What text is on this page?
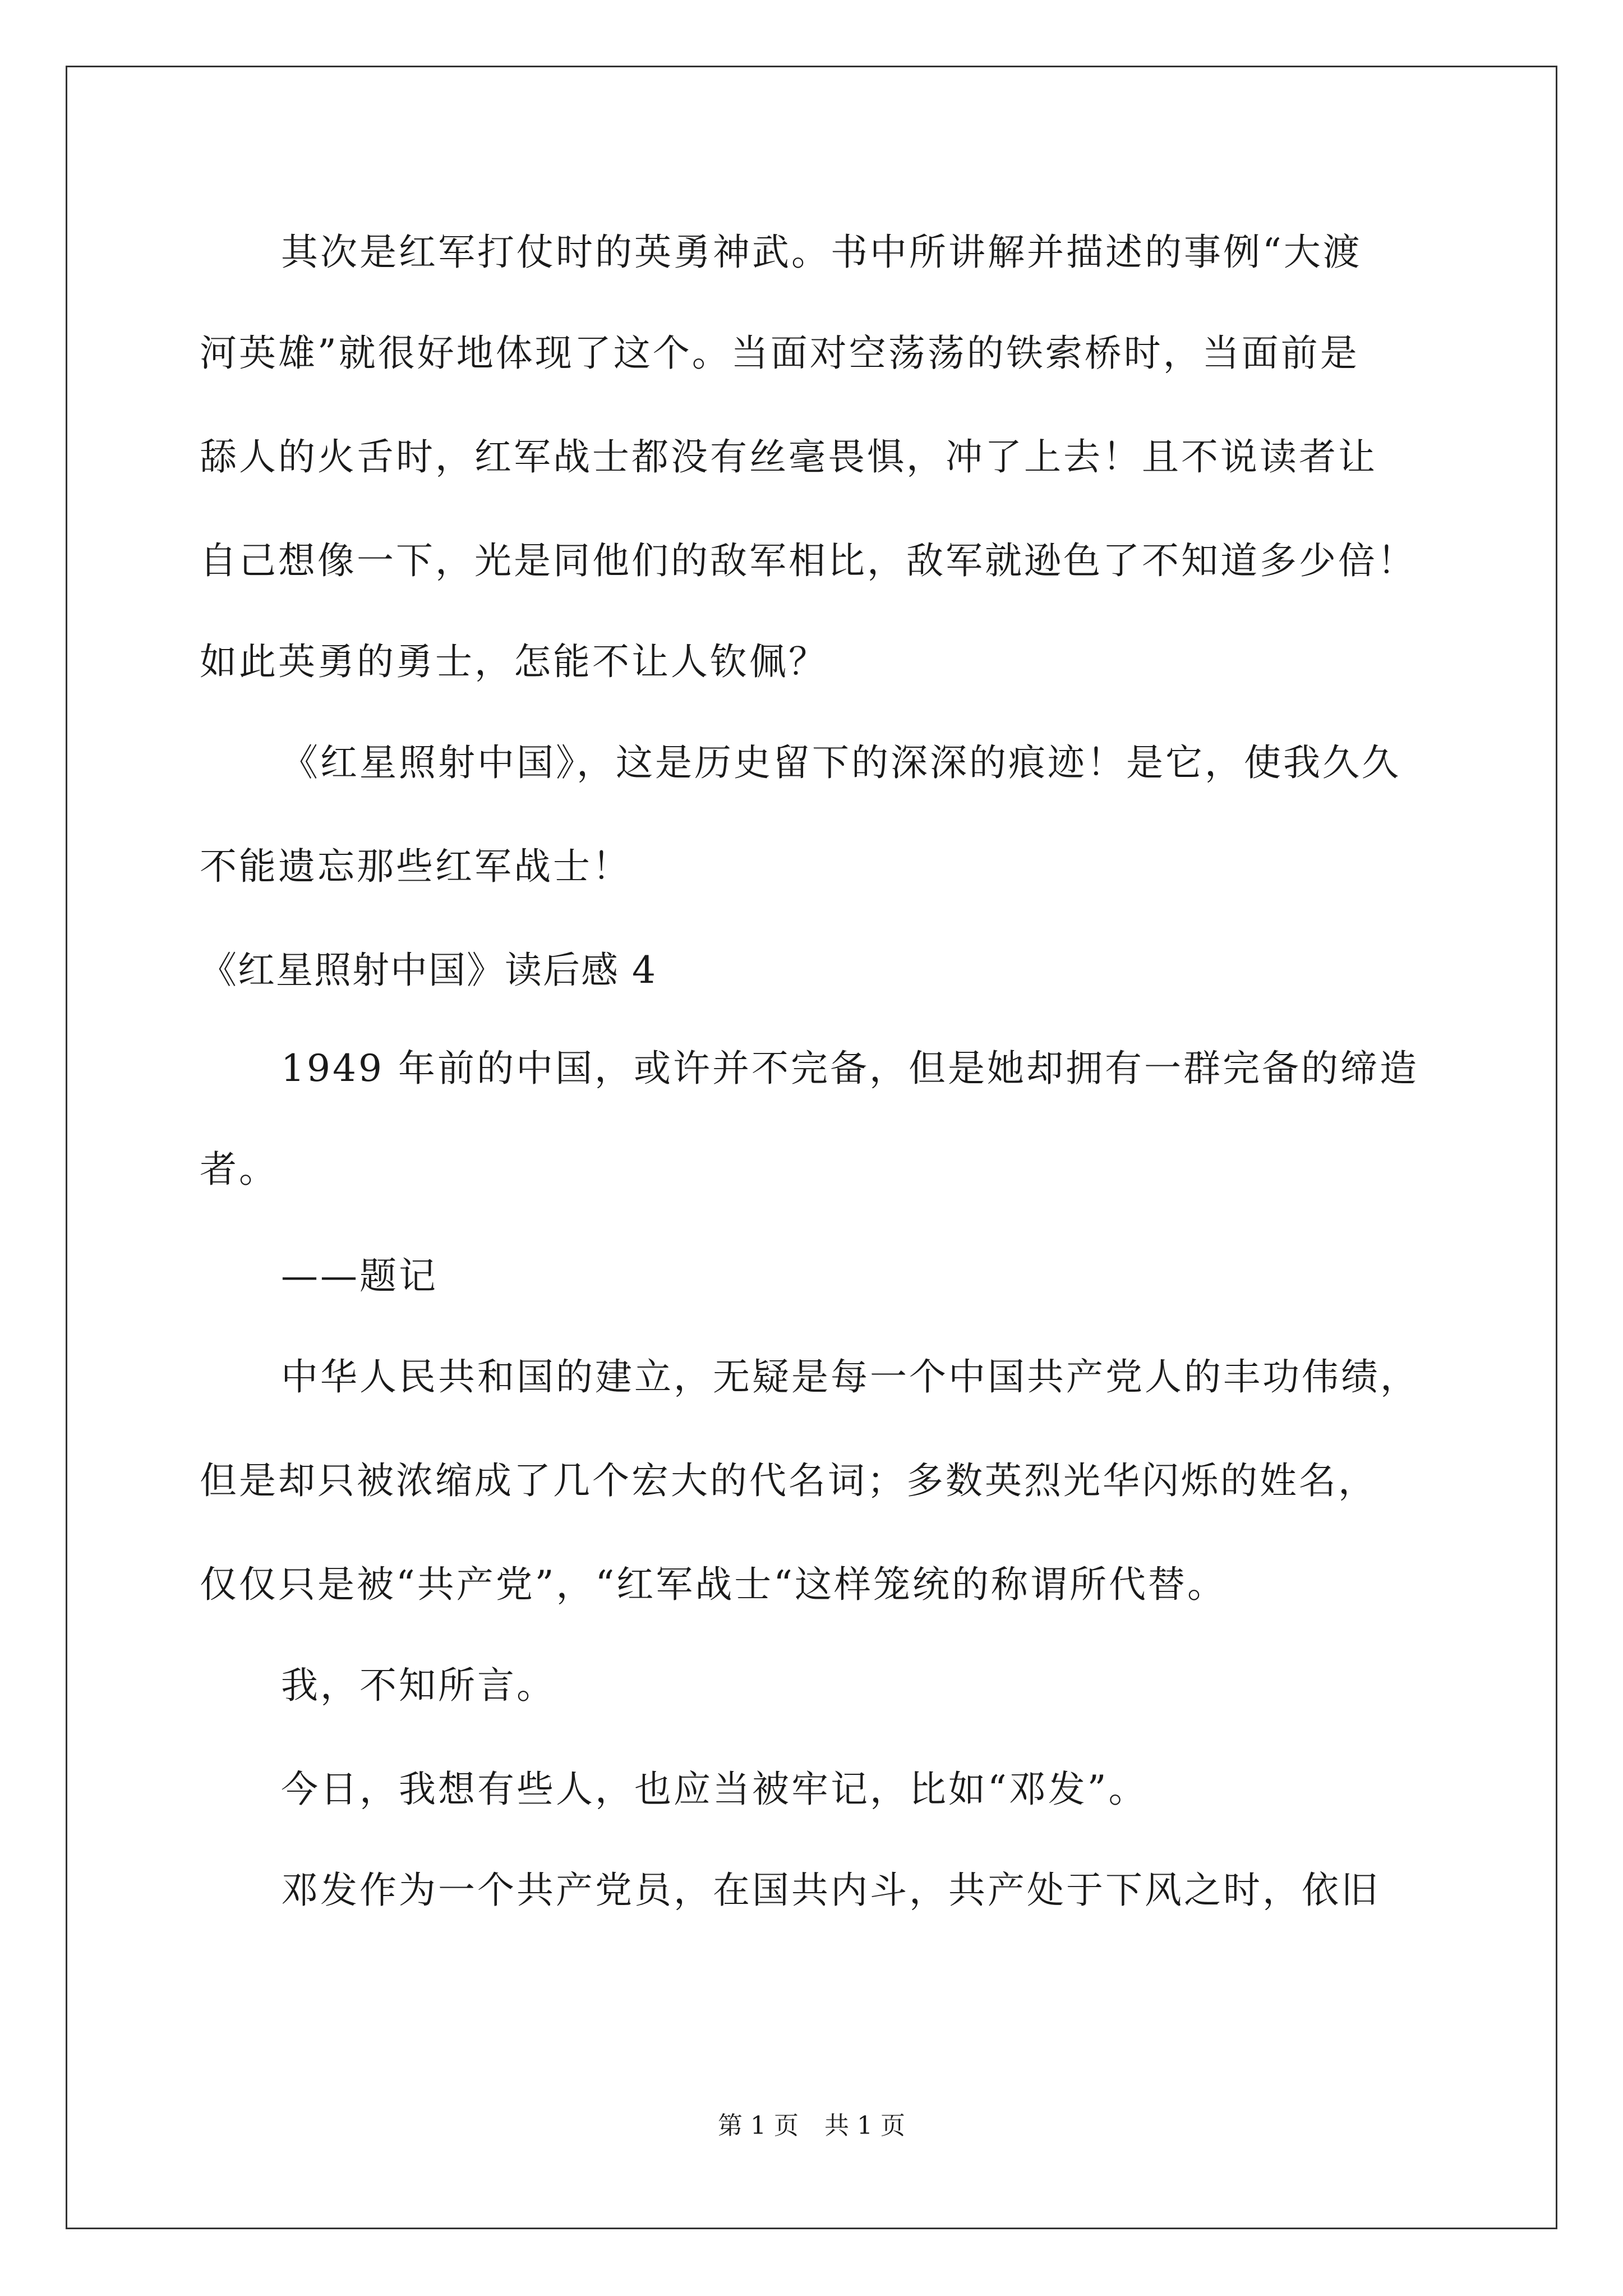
其次是红军打仗时的英勇神武。书中所讲解并描述的事例“大渡
河英雄”就很好地体现了这个。当面对空荡荡的铁索桥时，当面前是
舔人的火舌时，红军战士都没有丝毫畏惧，冲了上去！且不说读者让
自己想像一下，光是同他们的敌军相比，敌军就逊色了不知道多少倍！
如此英勇的勇士，怎能不让人钦佩？
《红星照射中国》，这是历史留下的深深的痕迹！是它，使我久久
不能遗忘那些红军战士！
《红星照射中国》读后感 4
1949 年前的中国，或许并不完备，但是她却拥有一群完备的缔造
者。
——题记
中华人民共和国的建立，无疑是每一个中国共产党人的丰功伟绩，
但是却只被浓缩成了几个宏大的代名词；多数英烈光华闪烁的姓名，
仅仅只是被“共产党”，“红军战士“这样笼统的称谓所代替。
我，不知所言。
今日，我想有些人，也应当被牢记，比如“邓发”。
邓发作为一个共产党员，在国共内斗，共产处于下风之时，依旧
第 1 页 共 1 页
